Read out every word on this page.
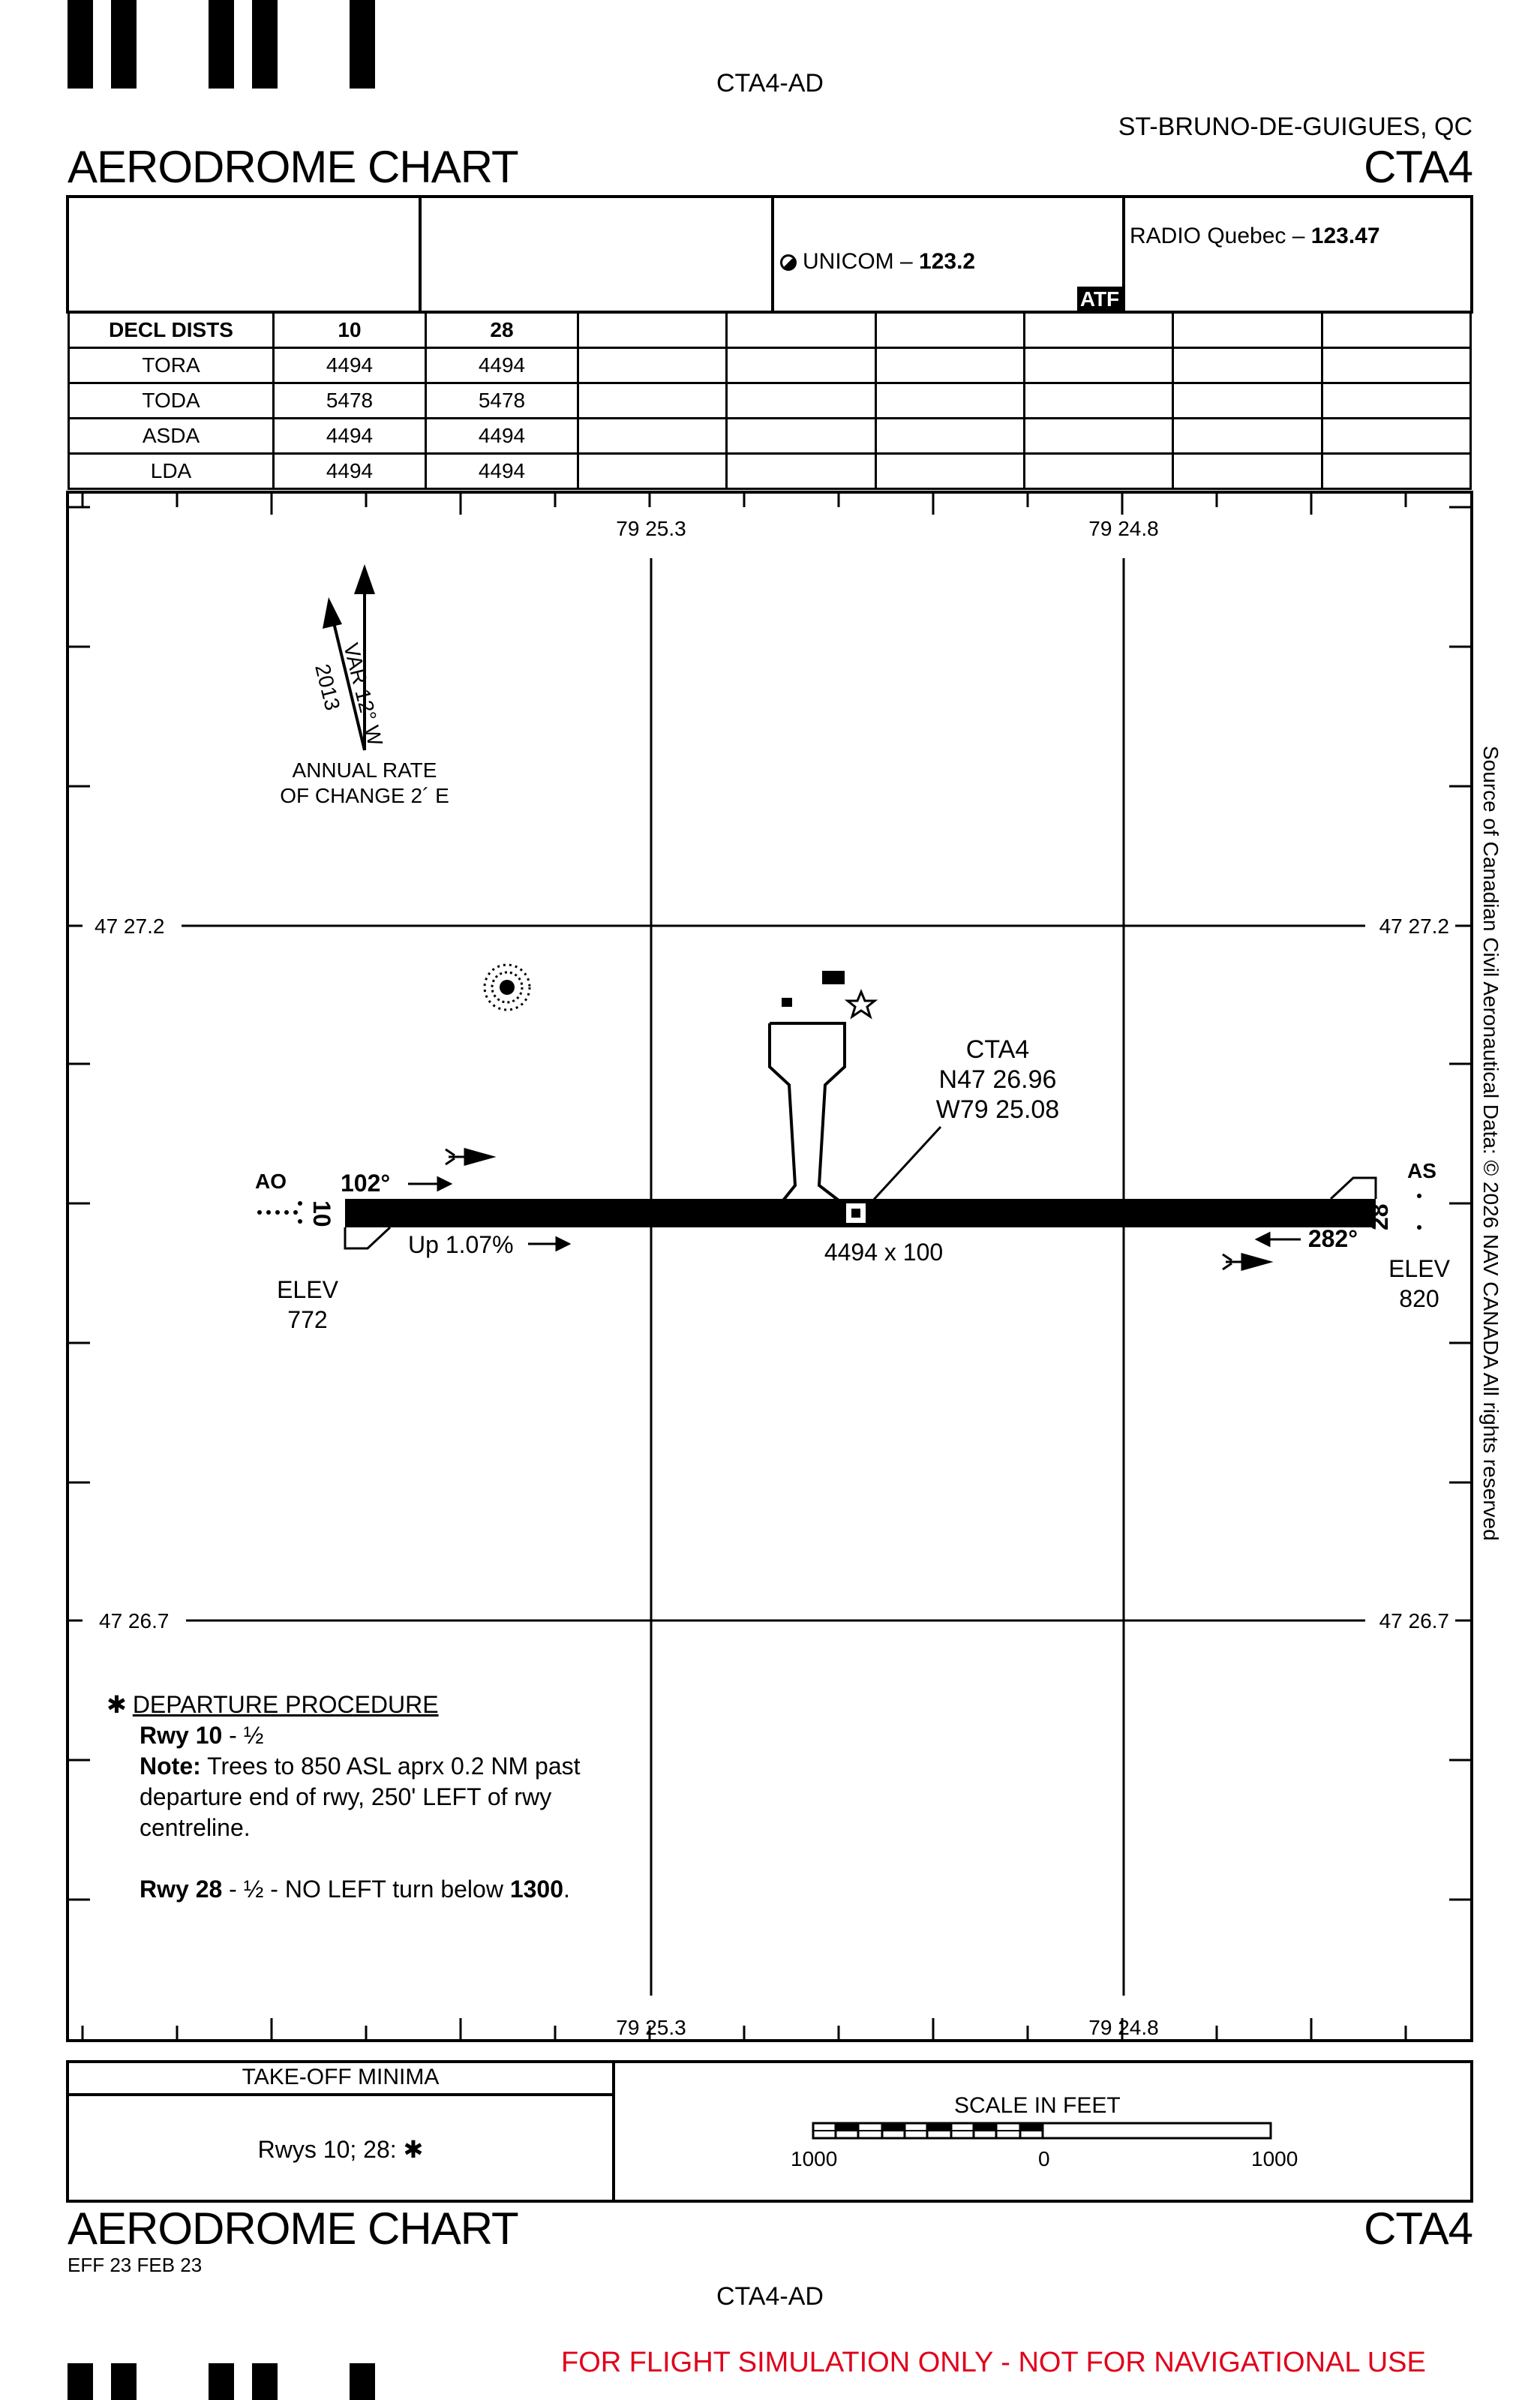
CTA4-AD
ST-BRUNO-DE-GUIGUES, QC
AERODROME CHART	CTA4
UNICOM – 123.2
ATF
RADIO Quebec – 123.47
DECL DISTS	10	28						
TORA	4494	4494						
TODA	5478	5478						
ASDA	4494	4494						
LDA	4494	4494						
79 25.3	79 24.8
79 25.3	79 24.8
47 27.2	47 27.2
47 26.7	47 26.7
VAR 12° W
2013
ANNUAL RATE
OF CHANGE 2´ E
CTA4
N47 26.96
W79 25.08
4494 x 100
10
AO 102°
Up 1.07%
ELEV
772
28
AS
282°
ELEV
820 Source of Canadian Civil Aeronautical Data: © 2026 NAV CANADA All rights reserved
✱ DEPARTURE PROCEDURE
Rwy 10 - ½
Note: Trees to 850 ASL aprx 0.2 NM past
departure end of rwy, 250' LEFT of rwy
centreline.
Rwy 28 - ½ - NO LEFT turn below 1300.
TAKE-OFF MINIMA
Rwys 10; 28: ✱
SCALE IN FEET
1000	0	1000
AERODROME CHART	CTA4
EFF 23 FEB 23
CTA4-AD
FOR FLIGHT SIMULATION ONLY - NOT FOR NAVIGATIONAL USE
